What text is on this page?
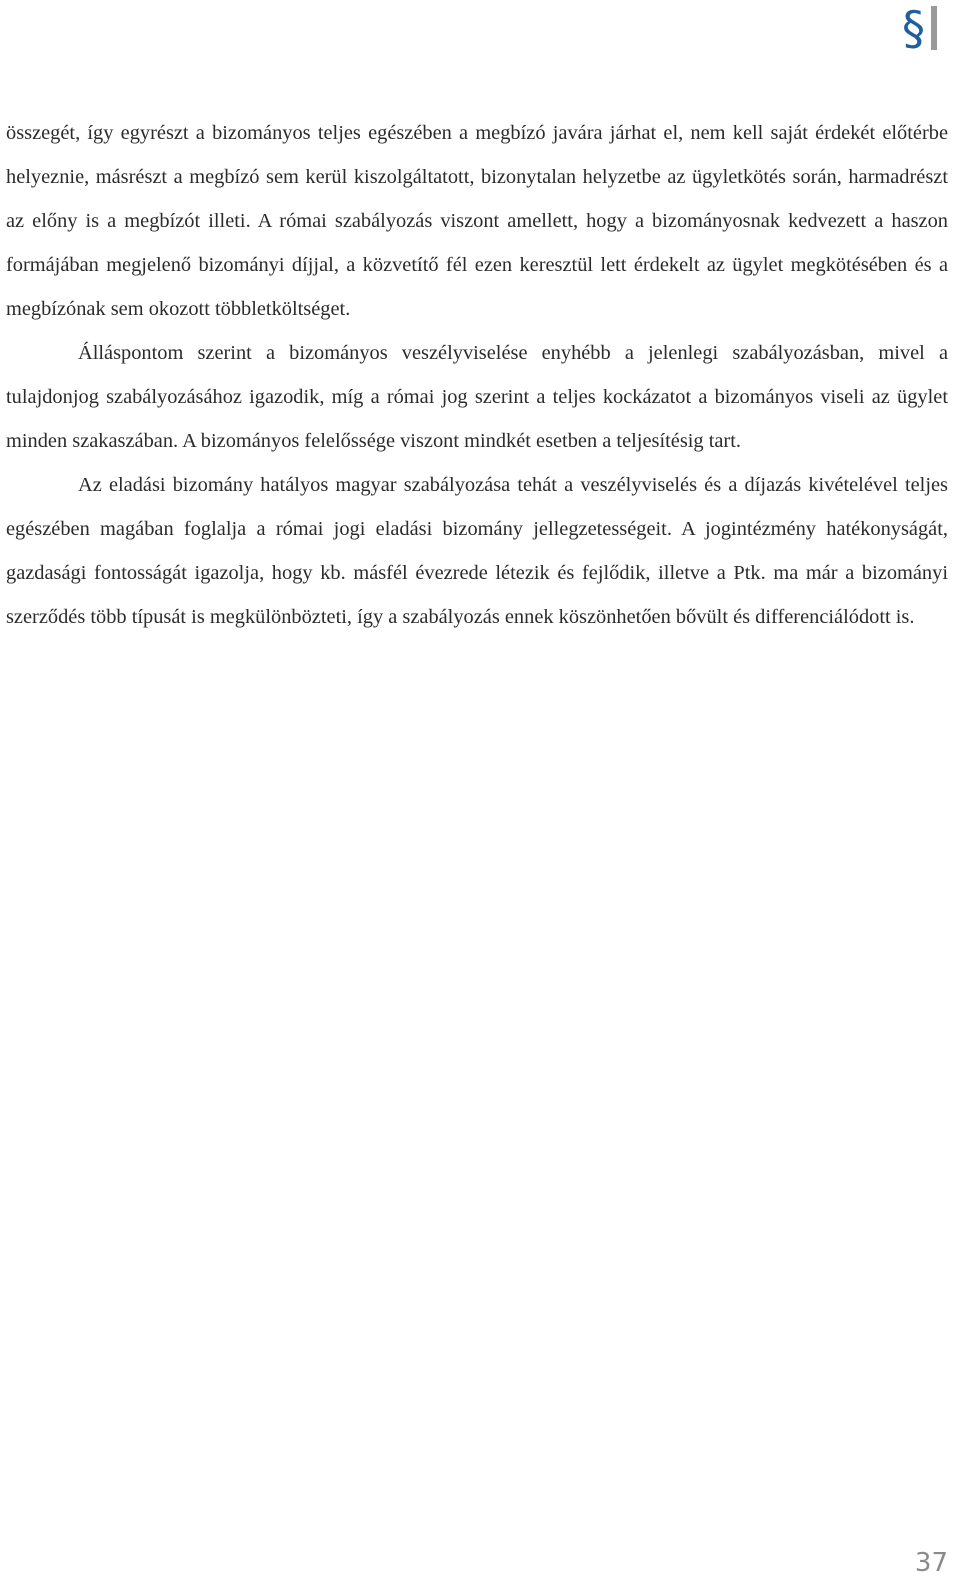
§

összegét, így egyrészt a bizományos teljes egészében a megbízó javára járhat el, nem kell saját érdekét előtérbe helyeznie, másrészt a megbízó sem kerül kiszolgáltatott, bizonytalan helyzetbe az ügyletkötés során, harmadrészt az előny is a megbízót illeti. A római szabályozás viszont amellett, hogy a bizományosnak kedvezett a haszon formájában megjelenő bizományi díjjal, a közvetítő fél ezen keresztül lett érdekelt az ügylet megkötésében és a megbízónak sem okozott többletköltséget.

Álláspontom szerint a bizományos veszélyviselése enyhébb a jelenlegi szabályozásban, mivel a tulajdonjog szabályozásához igazodik, míg a római jog szerint a teljes kockázatot a bizományos viseli az ügylet minden szakaszában. A bizományos felelőssége viszont mindkét esetben a teljesítésig tart.

Az eladási bizomány hatályos magyar szabályozása tehát a veszélyviselés és a díjazás kivételével teljes egészében magában foglalja a római jogi eladási bizomány jellegzetességeit. A jogintézmény hatékonyságát, gazdasági fontosságát igazolja, hogy kb. másfél évezrede létezik és fejlődik, illetve a Ptk. ma már a bizományi szerződés több típusát is megkülönbözteti, így a szabályozás ennek köszönhetően bővült és differenciálódott is.

37
